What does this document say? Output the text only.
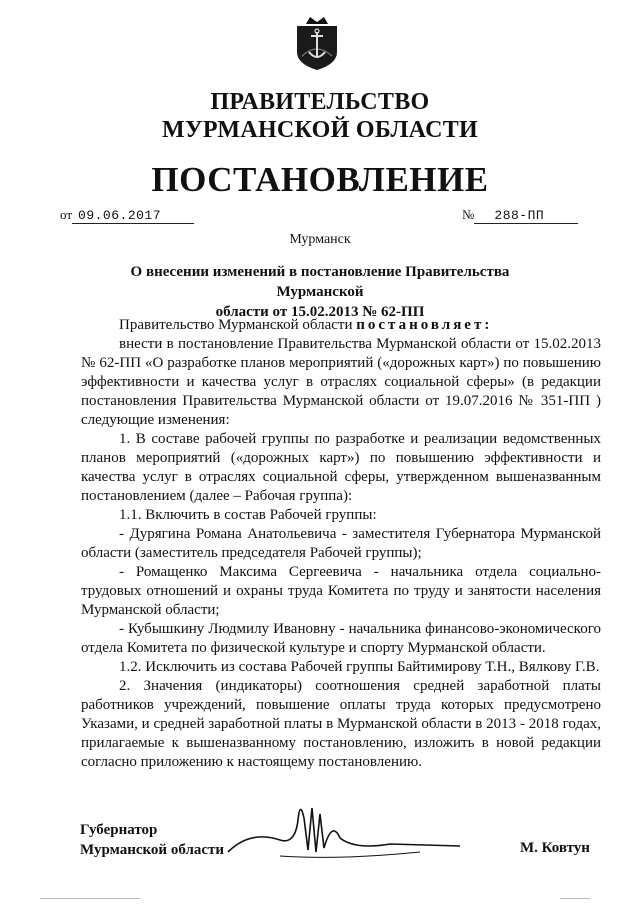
ПРАВИТЕЛЬСТВО
МУРМАНСКОЙ ОБЛАСТИ
ПОСТАНОВЛЕНИЕ
от 09.06.2017	№ 288-ПП
Мурманск
О внесении изменений в постановление Правительства Мурманской
области от 15.02.2013 № 62-ПП

Правительство Мурманской области постановляет:

внести в постановление Правительства Мурманской области от 15.02.2013 № 62-ПП «О разработке планов мероприятий («дорожных карт») по повышению эффективности и качества услуг в отраслях социальной сферы» (в редакции постановления Правительства Мурманской области от 19.07.2016 № 351-ПП ) следующие изменения:

1. В составе рабочей группы по разработке и реализации ведомственных планов мероприятий («дорожных карт») по повышению эффективности и качества услуг в отраслях социальной сферы, утвержденном вышеназванным постановлением (далее – Рабочая группа):

1.1. Включить в состав Рабочей группы:

- Дурягина Романа Анатольевича - заместителя Губернатора Мурманской области (заместитель председателя Рабочей группы);

- Ромащенко Максима Сергеевича - начальника отдела социально-трудовых отношений и охраны труда Комитета по труду и занятости населения Мурманской области;

- Кубышкину Людмилу Ивановну - начальника финансово-экономического отдела Комитета по физической культуре и спорту Мурманской области.

1.2. Исключить из состава Рабочей группы Байтимирову Т.Н., Вялкову Г.В.

2. Значения (индикаторы) соотношения средней заработной платы работников учреждений, повышение оплаты труда которых предусмотрено Указами, и средней заработной платы в Мурманской области в 2013 - 2018 годах, прилагаемые к вышеназванному постановлению, изложить в новой редакции согласно приложению к настоящему постановлению.

Губернатор
Мурманской области	М. Ковтун
